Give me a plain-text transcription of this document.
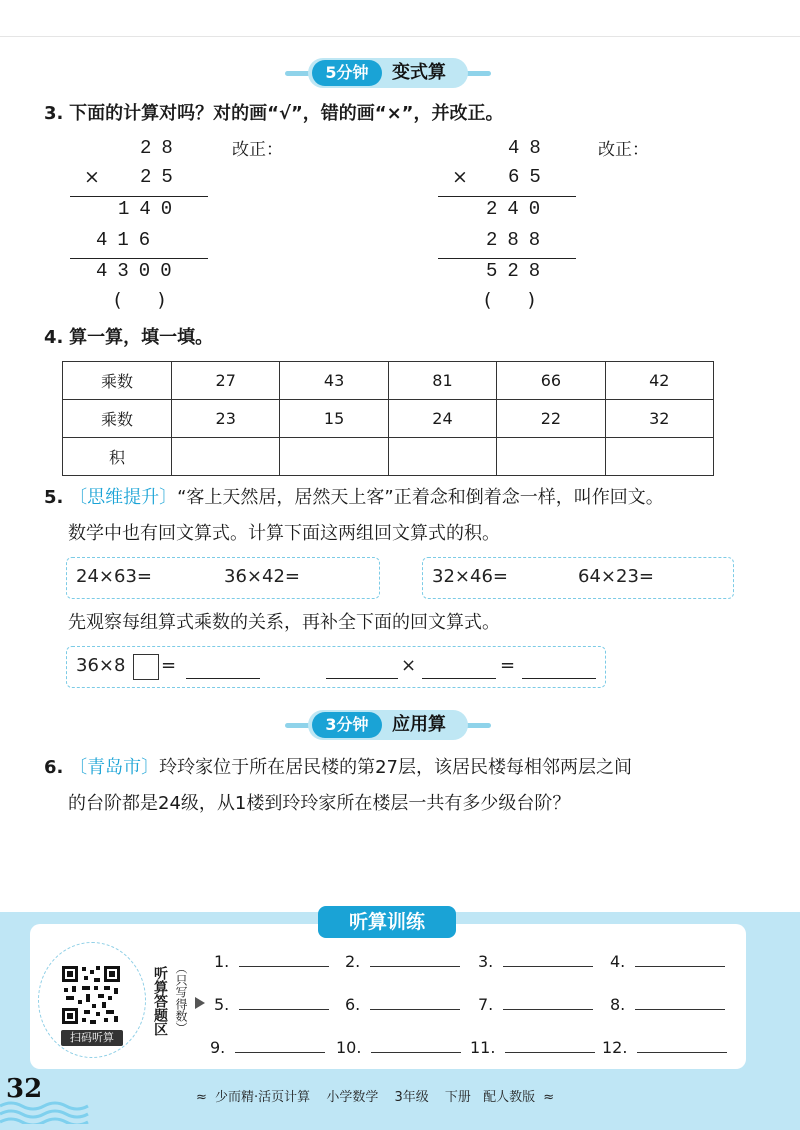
5分钟	变式算
3. 下面的计算对吗？对的画“√”，错的画“×”，并改正。
28
× 25
140
416
4300
(      )
改正：	48
× 65
240
288
528
(      )
改正：
4. 算一算，填一填。
乘数	27	43	81	66	42
乘数	23	15	24	22	32
积					
5. 〔思维提升〕“客上天然居，居然天上客”正着念和倒着念一样，叫作回文。
数学中也有回文算式。计算下面这两组回文算式的积。
24×63=	36×42=	32×46=	64×23=
先观察每组算式乘数的关系，再补全下面的回文算式。
36×8 =	×	=
3分钟	应用算
6. 〔青岛市〕玲玲家位于所在居民楼的第27层，该居民楼每相邻两层之间
的台阶都是24级，从1楼到玲玲家所在楼层一共有多少级台阶？
听算训练
扫码听算
听算答题区 （只写得数）
1.	2.	3.	4.
5.	6.	7.	8.
9.	10.	11.	12.
32	≈ 少而精·活页计算 小学数学 3年级 下册 配人教版 ≈
